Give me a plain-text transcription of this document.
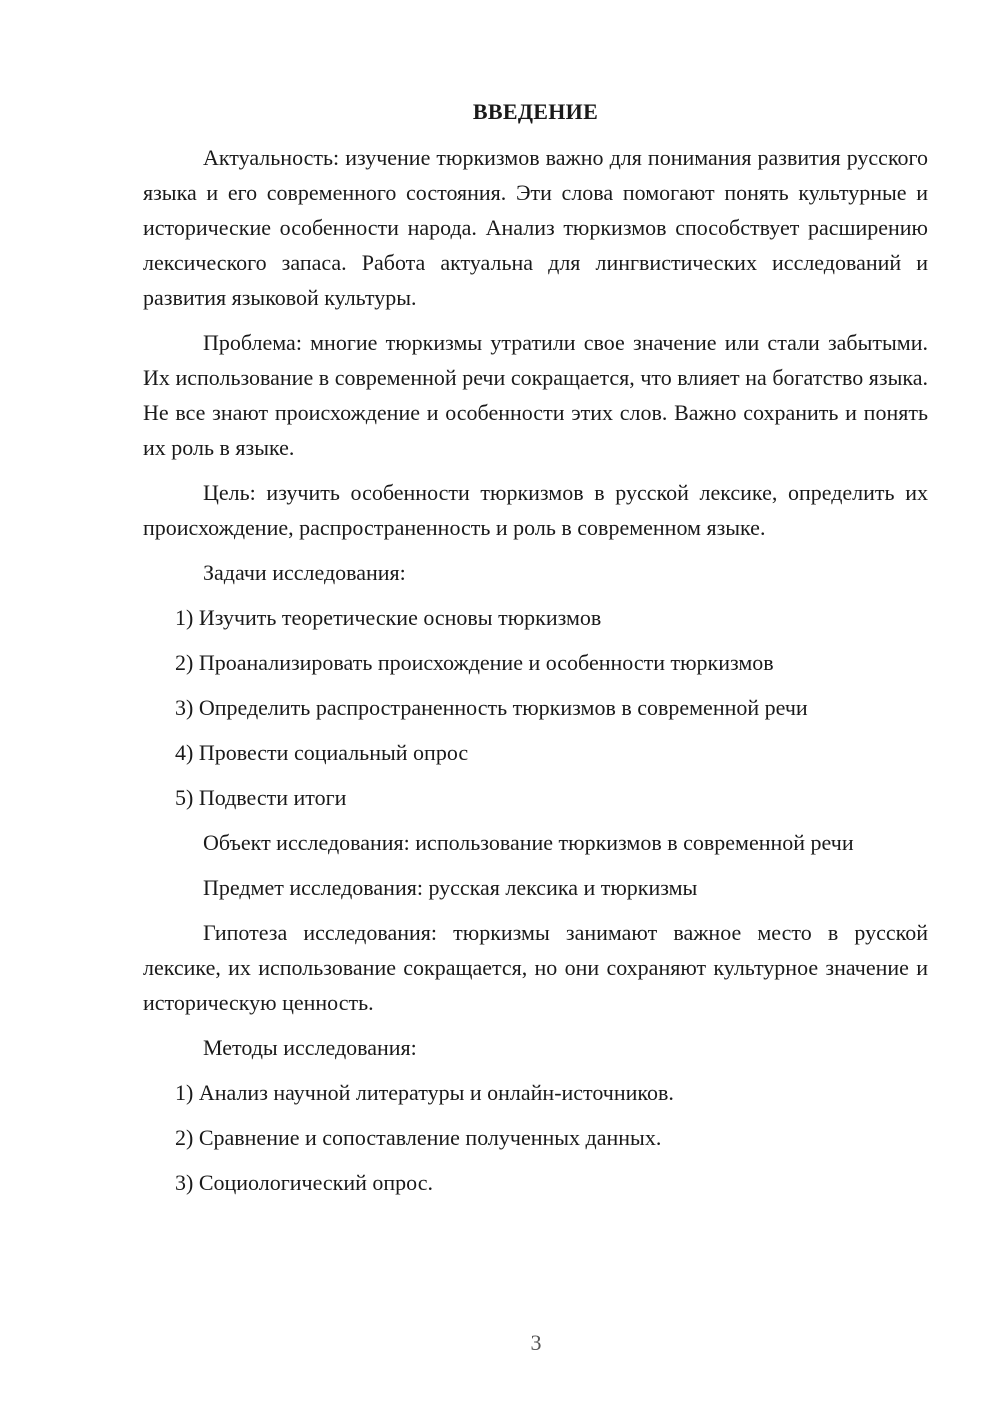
ВВЕДЕНИЕ

Актуальность: изучение тюркизмов важно для понимания развития русского языка и его современного состояния. Эти слова помогают понять культурные и исторические особенности народа. Анализ тюркизмов способствует расширению лексического запаса. Работа актуальна для лингвистических исследований и развития языковой культуры.

Проблема: многие тюркизмы утратили свое значение или стали забытыми. Их использование в современной речи сокращается, что влияет на богатство языка. Не все знают происхождение и особенности этих слов. Важно сохранить и понять их роль в языке.

Цель: изучить особенности тюркизмов в русской лексике, определить их происхождение, распространенность и роль в современном языке.

Задачи исследования:

1) Изучить теоретические основы тюркизмов
2) Проанализировать происхождение и особенности тюркизмов
3) Определить распространенность тюркизмов в современной речи
4) Провести социальный опрос
5) Подвести итоги

Объект исследования: использование тюркизмов в современной речи

Предмет исследования: русская лексика и тюркизмы

Гипотеза исследования: тюркизмы занимают важное место в русской лексике, их использование сокращается, но они сохраняют культурное значение и историческую ценность.

Методы исследования:

1) Анализ научной литературы и онлайн-источников.
2) Сравнение и сопоставление полученных данных.
3) Социологический опрос.
3
